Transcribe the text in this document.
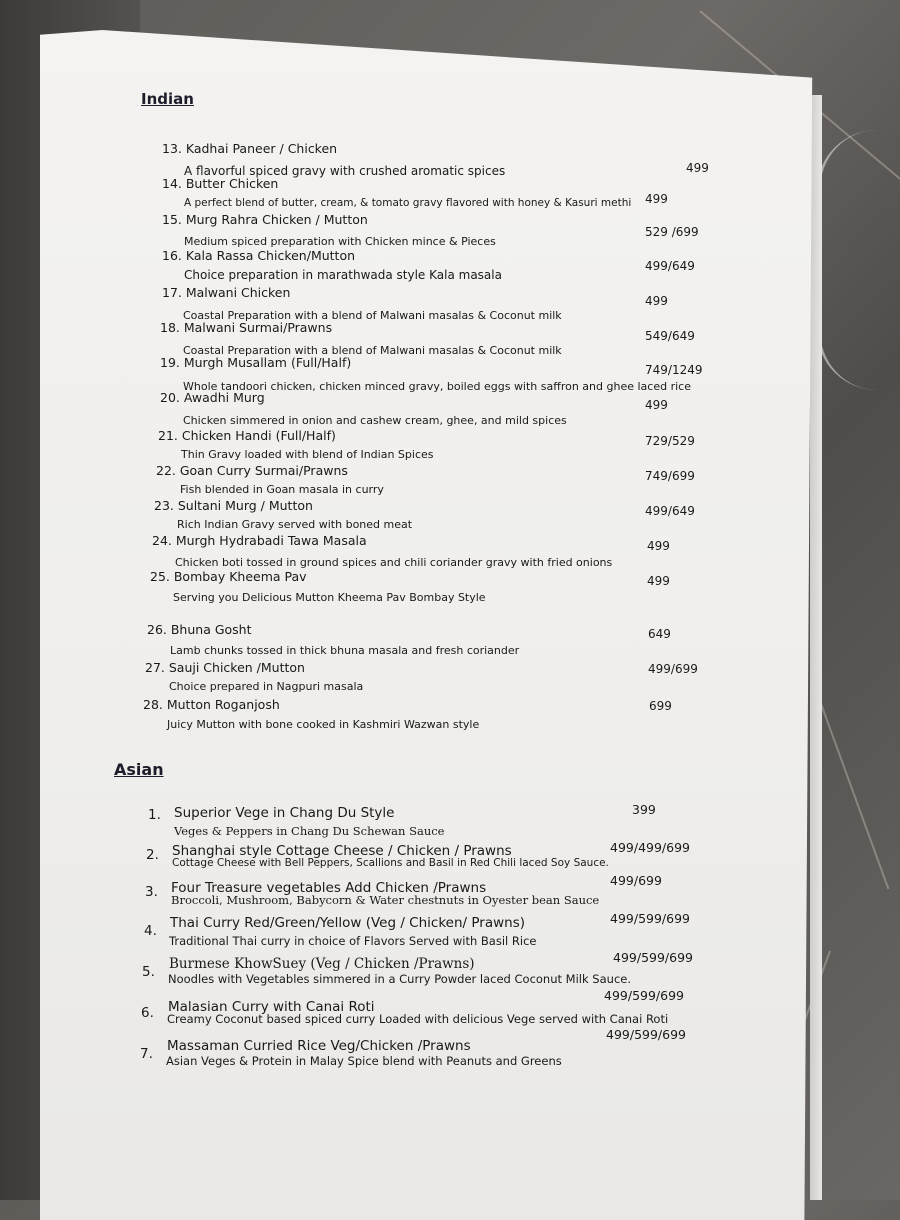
Indian
13. Kadhai Paneer / Chicken
A flavorful spiced gravy with crushed aromatic spices	499
14. Butter Chicken
A perfect blend of butter, cream, & tomato gravy flavored with honey & Kasuri methi 499
15. Murg Rahra Chicken / Mutton
Medium spiced preparation with Chicken mince & Pieces
529 /699
16. Kala Rassa Chicken/Mutton
Choice preparation in marathwada style Kala masala
499/649
17. Malwani Chicken
Coastal Preparation with a blend of Malwani masalas & Coconut milk
499
18. Malwani Surmai/Prawns
Coastal Preparation with a blend of Malwani masalas & Coconut milk
549/649
19. Murgh Musallam (Full/Half)
Whole tandoori chicken, chicken minced gravy, boiled eggs with saffron and ghee laced rice
749/1249
20. Awadhi Murg
Chicken simmered in onion and cashew cream, ghee, and mild spices
499
21. Chicken Handi (Full/Half)
Thin Gravy loaded with blend of Indian Spices
729/529
22. Goan Curry Surmai/Prawns
Fish blended in Goan masala in curry
749/699
23. Sultani Murg / Mutton
Rich Indian Gravy served with boned meat
499/649
24. Murgh Hydrabadi Tawa Masala
Chicken boti tossed in ground spices and chili coriander gravy with fried onions
499
25. Bombay Kheema Pav
Serving you Delicious Mutton Kheema Pav Bombay Style
499
26. Bhuna Gosht
Lamb chunks tossed in thick bhuna masala and fresh coriander
649
27. Sauji Chicken /Mutton
Choice prepared in Nagpuri masala
499/699
28. Mutton Roganjosh
Juicy Mutton with bone cooked in Kashmiri Wazwan style
699
Asian
1. Superior Vege in Chang Du Style
Veges & Peppers in Chang Du Schewan Sauce
399
2. Shanghai style Cottage Cheese / Chicken / Prawns
Cottage Cheese with Bell Peppers, Scallions and Basil in Red Chili laced Soy Sauce.
499/499/699
3. Four Treasure vegetables Add Chicken /Prawns
Broccoli, Mushroom, Babycorn & Water chestnuts in Oyester bean Sauce
499/699
4. Thai Curry Red/Green/Yellow (Veg / Chicken/ Prawns)
Traditional Thai curry in choice of Flavors Served with Basil Rice
499/599/699
5. Burmese KhowSuey (Veg / Chicken /Prawns)
Noodles with Vegetables simmered in a Curry Powder laced Coconut Milk Sauce.
499/599/699
6. Malasian Curry with Canai Roti
Creamy Coconut based spiced curry Loaded with delicious Vege served with Canai Roti
499/599/699
7. Massaman Curried Rice Veg/Chicken /Prawns
Asian Veges & Protein in Malay Spice blend with Peanuts and Greens
499/599/699
